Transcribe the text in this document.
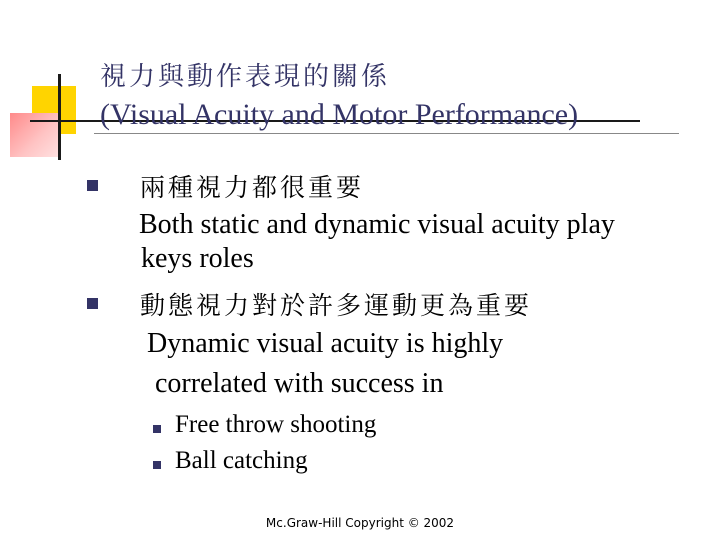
視力與動作表現的關係
(Visual Acuity and Motor Performance)
兩種視力都很重要
Both static and dynamic visual acuity play
keys roles
動態視力對於許多運動更為重要
Dynamic visual acuity is highly
correlated with success in
Free throw shooting
Ball catching
Mc.Graw-Hill Copyright © 2002
